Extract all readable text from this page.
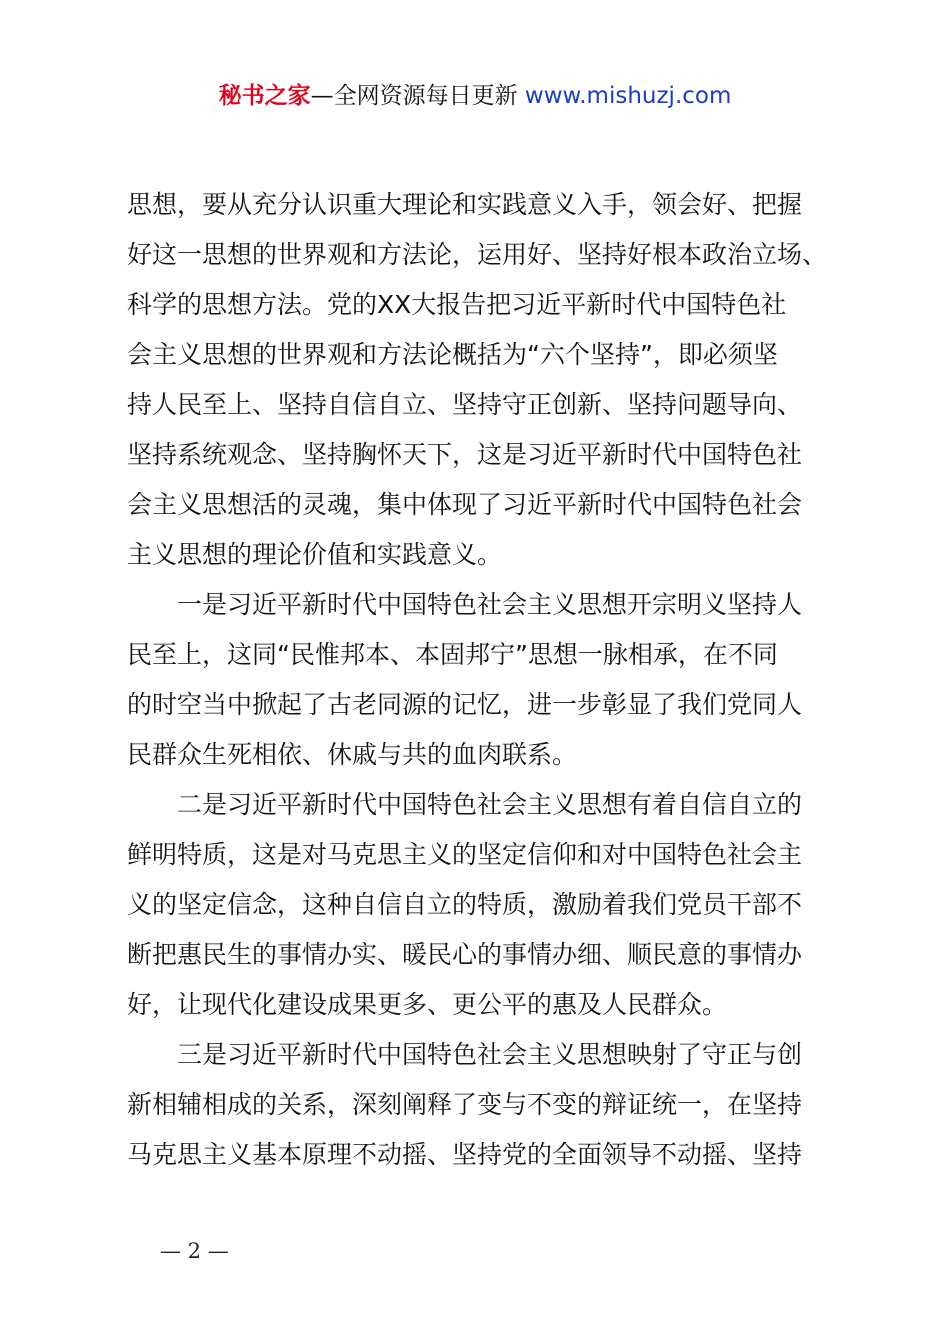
秘书之家—全网资源每日更新 www.mishuzj.com

思想，要从充分认识重大理论和实践意义入手，领会好、把握
好这一思想的世界观和方法论，运用好、坚持好根本政治立场、
科学的思想方法。党的XX大报告把习近平新时代中国特色社
会主义思想的世界观和方法论概括为“六个坚持”，即必须坚
持人民至上、坚持自信自立、坚持守正创新、坚持问题导向、
坚持系统观念、坚持胸怀天下，这是习近平新时代中国特色社
会主义思想活的灵魂，集中体现了习近平新时代中国特色社会
主义思想的理论价值和实践意义。

一是习近平新时代中国特色社会主义思想开宗明义坚持人
民至上，这同“民惟邦本、本固邦宁”思想一脉相承，在不同
的时空当中掀起了古老同源的记忆，进一步彰显了我们党同人
民群众生死相依、休戚与共的血肉联系。

二是习近平新时代中国特色社会主义思想有着自信自立的
鲜明特质，这是对马克思主义的坚定信仰和对中国特色社会主
义的坚定信念，这种自信自立的特质，激励着我们党员干部不
断把惠民生的事情办实、暖民心的事情办细、顺民意的事情办
好，让现代化建设成果更多、更公平的惠及人民群众。

三是习近平新时代中国特色社会主义思想映射了守正与创
新相辅相成的关系，深刻阐释了变与不变的辩证统一，在坚持
马克思主义基本原理不动摇、坚持党的全面领导不动摇、坚持

— 2 —
